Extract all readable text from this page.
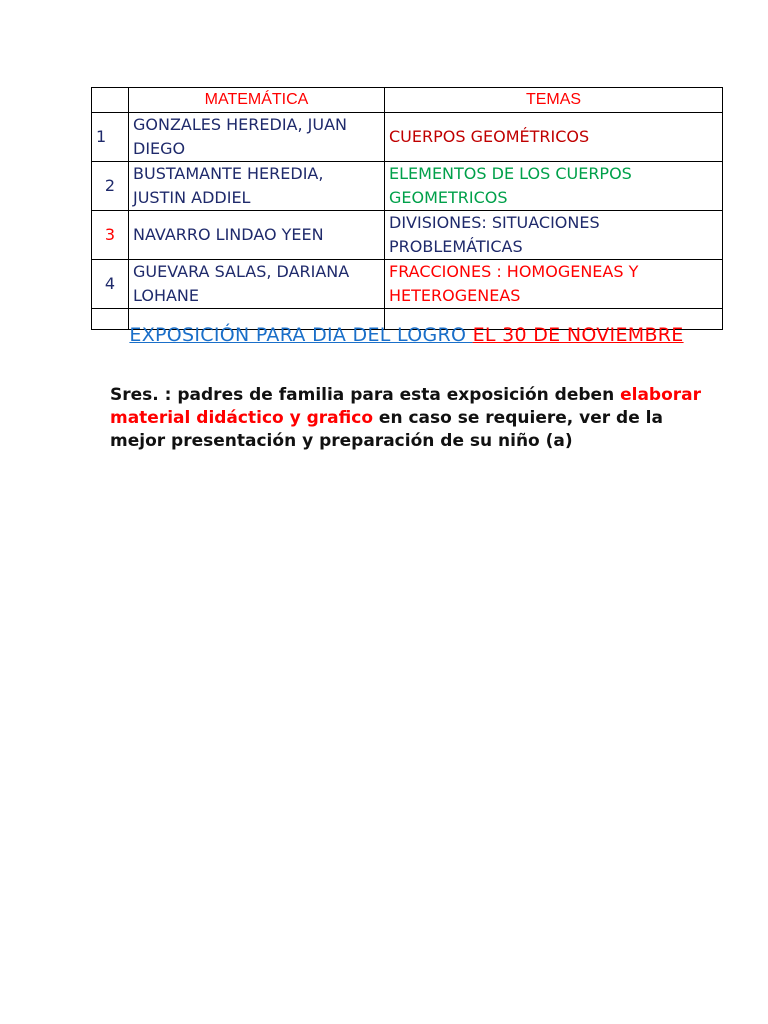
	MATEMÁTICA	TEMAS
1	GONZALES HEREDIA, JUAN DIEGO	CUERPOS GEOMÉTRICOS
2	BUSTAMANTE HEREDIA, JUSTIN ADDIEL	ELEMENTOS DE LOS CUERPOS GEOMETRICOS
3	NAVARRO LINDAO YEEN	DIVISIONES: SITUACIONES PROBLEMÁTICAS
4	GUEVARA SALAS, DARIANA LOHANE	FRACCIONES : HOMOGENEAS Y HETEROGENEAS

EXPOSICIÓN PARA DIA DEL LOGRO EL 30 DE NOVIEMBRE
Sres. : padres de familia para esta exposición deben elaborar material didáctico y grafico en caso se requiere, ver de la mejor presentación y preparación de su niño (a)
